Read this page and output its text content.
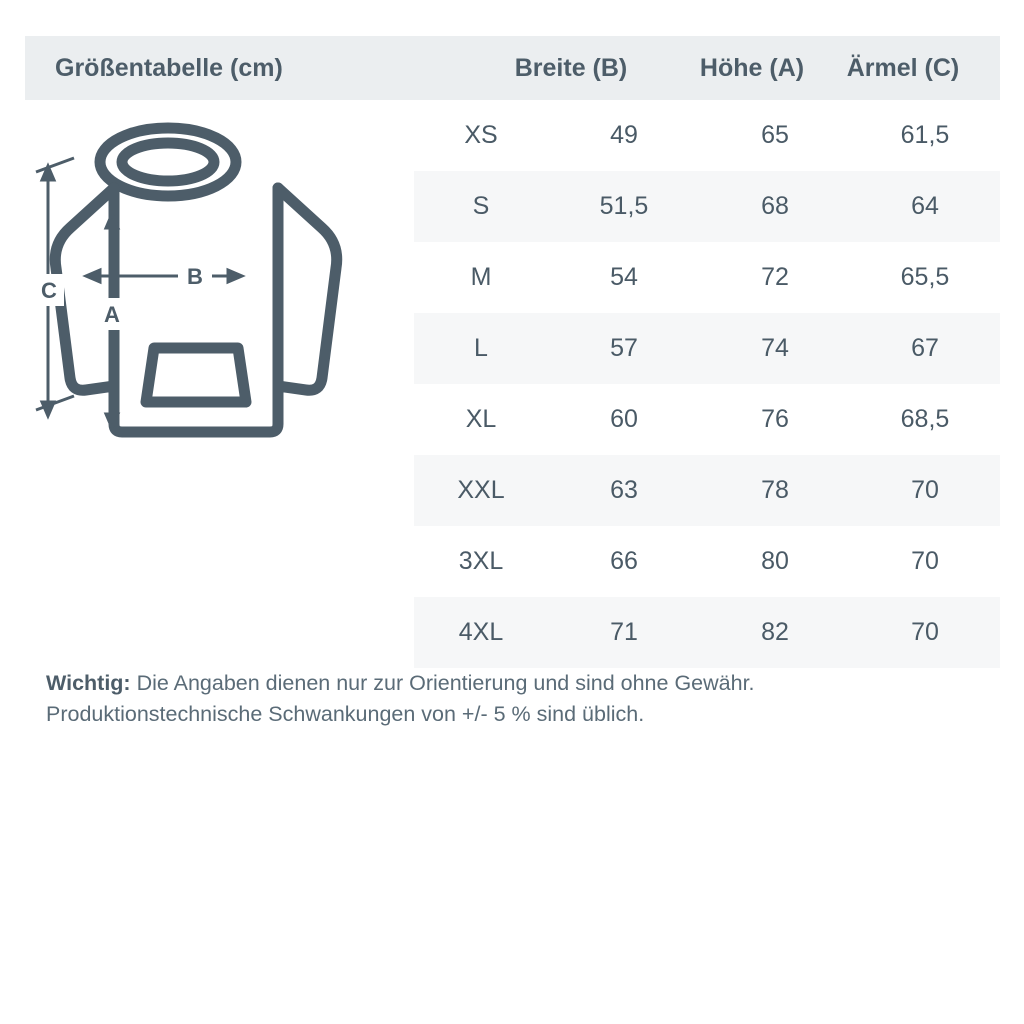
Größentabelle (cm)	Breite (B)	Höhe (A)	Ärmel (C)
B
A
C
XS	49	65	61,5
S	51,5	68	64
M	54	72	65,5
L	57	74	67
XL	60	76	68,5
XXL	63	78	70
3XL	66	80	70
4XL	71	82	70
Wichtig: Die Angaben dienen nur zur Orientierung und sind ohne Gewähr.
Produktionstechnische Schwankungen von +/- 5 % sind üblich.
